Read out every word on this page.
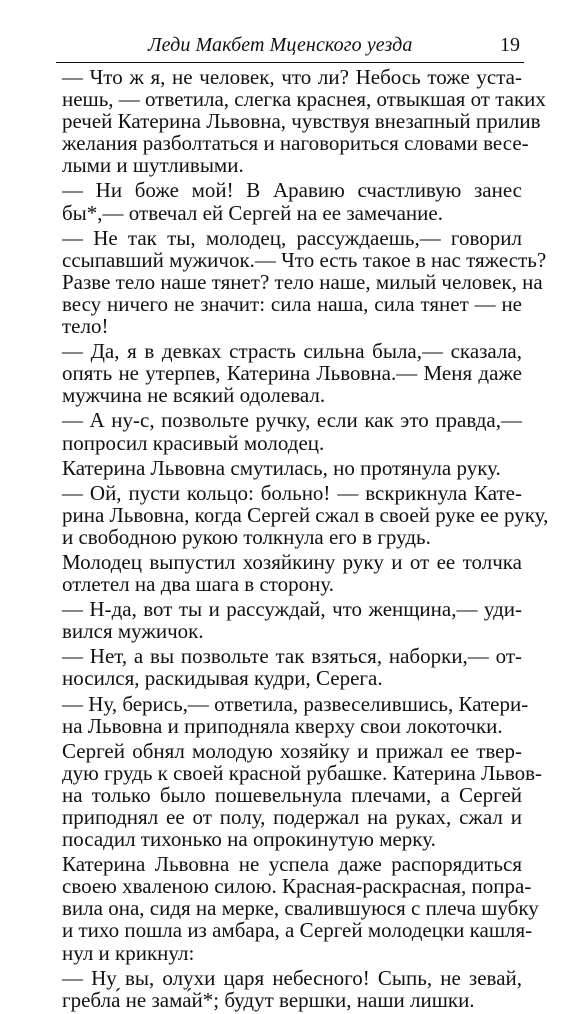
Леди Макбет Мценского уезда	19
— Что ж я, не человек, что ли? Небось тоже уста-
нешь, — ответила, слегка краснея, отвыкшая от таких
речей Катерина Львовна, чувствуя внезапный прилив
желания разболтаться и наговориться словами весе-
лыми и шутливыми.
— Ни боже мой! В Аравию счастливую занес
бы*,— отвечал ей Сергей на ее замечание.
— Не так ты, молодец, рассуждаешь,— говорил
ссыпавший мужичок.— Что есть такое в нас тяжесть?
Разве тело наше тянет? тело наше, милый человек, на
весу ничего не значит: сила наша, сила тянет — не
тело!
— Да, я в девках страсть сильна была,— сказала,
опять не утерпев, Катерина Львовна.— Меня даже
мужчина не всякий одолевал.
— А ну-с, позвольте ручку, если как это правда,—
попросил красивый молодец.
Катерина Львовна смутилась, но протянула руку.
— Ой, пусти кольцо: больно! — вскрикнула Кате-
рина Львовна, когда Сергей сжал в своей руке ее руку,
и свободною рукою толкнула его в грудь.
Молодец выпустил хозяйкину руку и от ее толчка
отлетел на два шага в сторону.
— Н-да, вот ты и рассуждай, что женщина,— уди-
вился мужичок.
— Нет, а вы позвольте так взяться, наборки,— от-
носился, раскидывая кудри, Серега.
— Ну, берись,— ответила, развеселившись, Катери-
на Львовна и приподняла кверху свои локоточки.
Сергей обнял молодую хозяйку и прижал ее твер-
дую грудь к своей красной рубашке. Катерина Львов-
на только было пошевельнула плечами, а Сергей
приподнял ее от полу, подержал на руках, сжал и
посадил тихонько на опрокинутую мерку.
Катерина Львовна не успела даже распорядиться
своею хваленою силою. Красная-раскрасная, попра-
вила она, сидя на мерке, свалившуюся с плеча шубку
и тихо пошла из амбара, а Сергей молодецки кашля-
нул и крикнул:
— Ну вы, олухи царя небесного! Сыпь, не зевай,
гребла́ не зама́й*; будут вершки, наши лишки.
